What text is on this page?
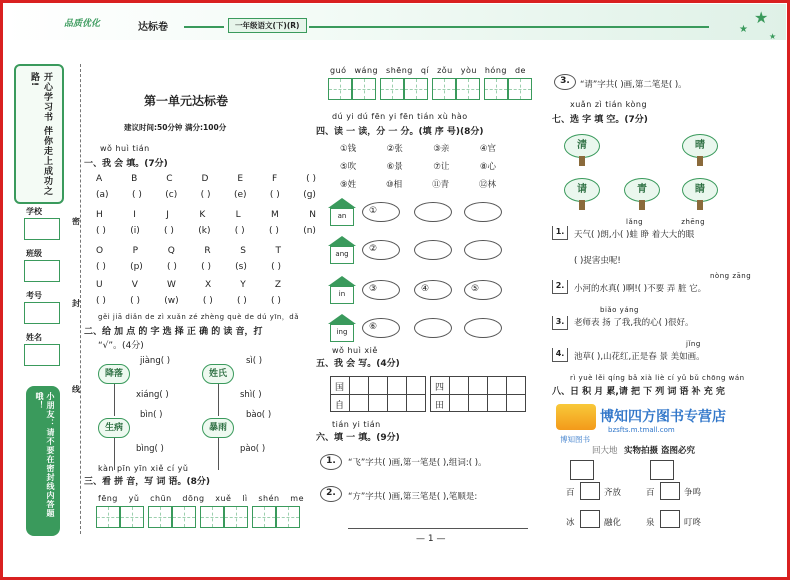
品质优化	达标卷	一年级语文(下)(R)	★
★
★
开心学习书 伴你走上成功之路!
学校
班级
考号
姓名
密
封
线
小朋友：请不要在密封线内答题哦！
第一单元达标卷
建议时间:50分钟 满分:100分
wǒ huì tián
一、我 会 填。(7分)
A	B	C	D	E	F	( )
(a)	( )	(c)	( )	(e)	( )	(g)
H	I	J	K	L	M	N
( )	(i)	( )	(k)	( )	( )	(n)
O	P	Q	R	S	T
( )	(p)	( )	( )	(s)	( )
U	V	W	X	Y	Z
( )	( )	(w)	( )	( )	( )
gěi jiā diǎn de zì xuǎn zé zhèng què de dú yīn，dǎ
二、给 加 点 的 字 选 择 正 确 的 读 音，打
“√”。(4分)
降落
jiàng( )
xiáng( )
姓氏
sì( )
shì( )
生病
bìn( )
bìng( )
暴雨
bào( )
pào( )
kàn pīn yīn xiě cí yǔ
三、看 拼 音，写 词 语。(8分)
fēng yǔ chūn dōng xuě lì shén me
guó wáng shēng qí zǒu yòu hóng de
dú yi dú fēn yi fēn tián xù hào
四、读 一 读，分 一 分。(填 序 号)(8分)
①钱	②张	③亲	④官
⑤吹	⑥景	⑦让	⑧心
⑨姓	⑩相	⑪青	⑫林
an	①
ang	②
in	③	④	⑤
ing	⑥
wǒ huì xiě
五、我 会 写。(4分)
国
自
四
田
tián yi tián
六、填 一 填。(9分)
1.	“飞”字共( )画,第一笔是( ),组词:( )。
2.	“方”字共( )画,第三笔是( ),笔顺是:
— 1 —
3.	“请”字共( )画,第二笔是( )。
xuǎn zì tián kòng
七、选 字 填 空。(7分)
清	晴
请	青	睛
1.
lǎng              zhēng
天气( )朗,小( )蛙 睁 着大大的眼
( )捉害虫呢!
2.
nòng zāng
小河的水真( )啊!( )不要 弄 脏 它。
3.
biǎo yáng
老师表 扬 了我,我的心( )很好。
4.
jǐng
池草( ),山花红,正是春 景 美如画。
rì yuè lěi qíng bǎ xià liè cí yǔ bǔ chōng wán
八、日 积 月 累,请 把 下 列 词 语 补 充 完
博知四方图书专营店
bzsfts.m.tmall.com
博知图书
回大地 实物拍摄 盗图必究
百	齐放	百	争鸣
冰	融化	泉	叮咚
